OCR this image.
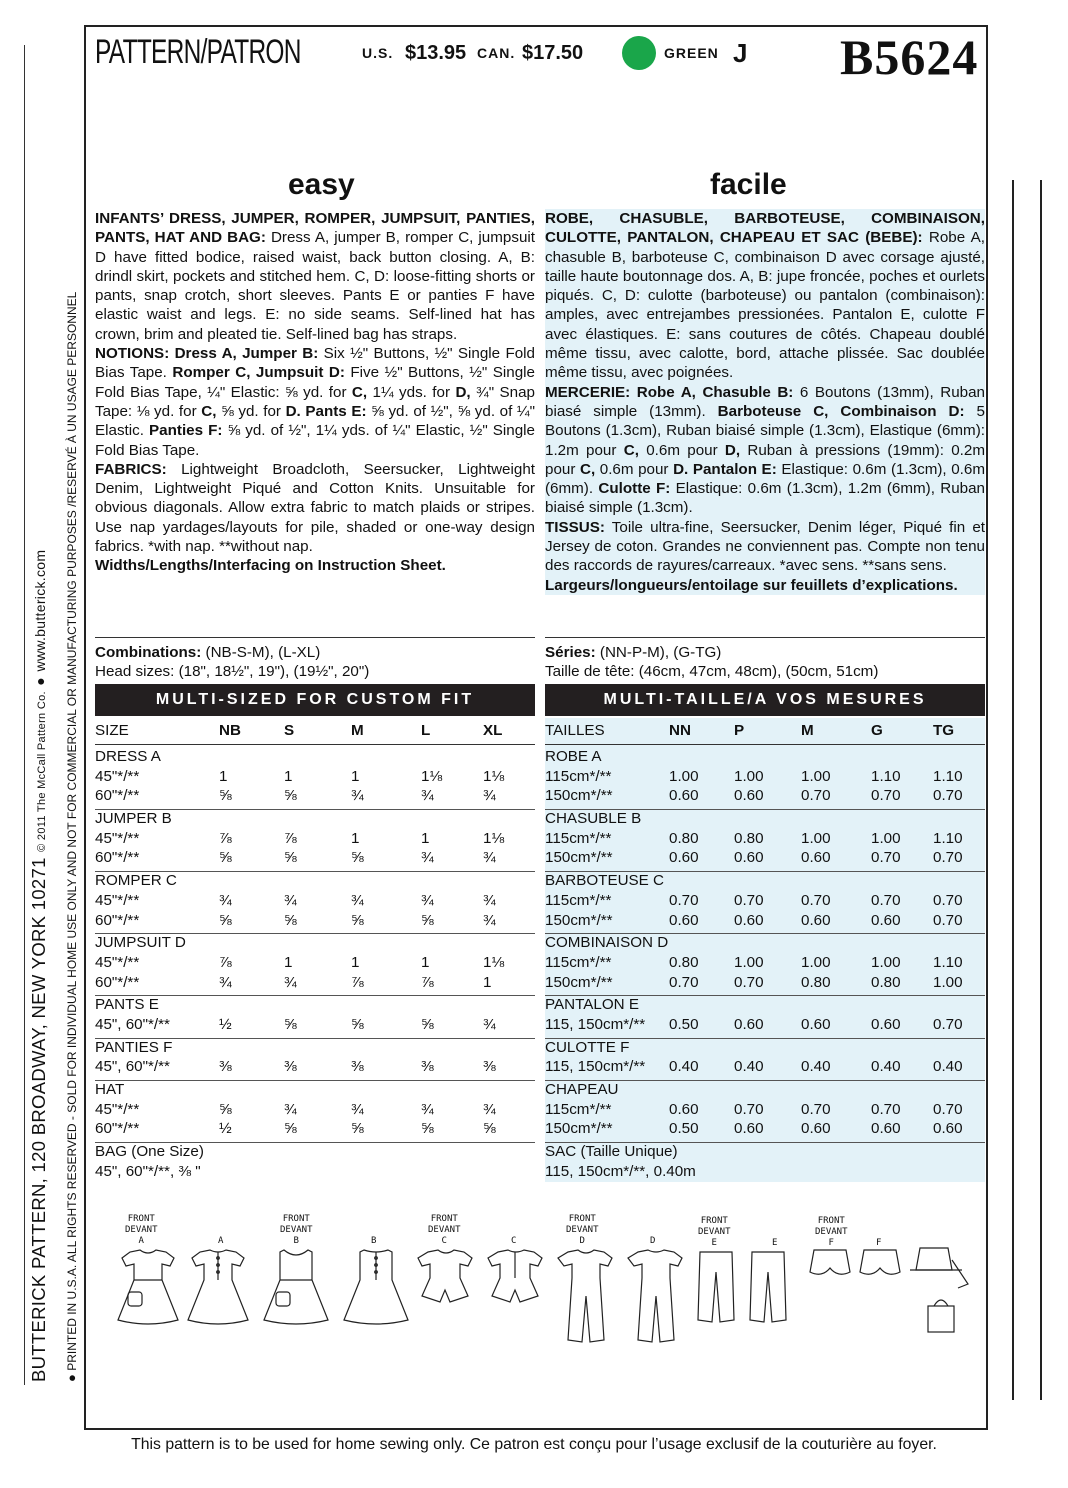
PATTERN/PATRON	U.S. $13.95 CAN. $17.50	GREEN J B5624
easy	facile

INFANTS’ DRESS, JUMPER, ROMPER, JUMPSUIT, PANTIES, PANTS, HAT AND BAG: Dress A, jumper B, romper C, jumpsuit D have fitted bodice, raised waist, back button closing. A, B: drindl skirt, pockets and stitched hem. C, D: loose-fitting shorts or pants, snap crotch, short sleeves. Pants E or panties F have elastic waist and legs. E: no side seams. Self-lined hat has crown, brim and pleated tie. Self-lined bag has straps.

NOTIONS: Dress A, Jumper B: Six ½" Buttons, ½" Single Fold Bias Tape. Romper C, Jumpsuit D: Five ½" Buttons, ½" Single Fold Bias Tape, ¼" Elastic: ⅝ yd. for C, 1¼ yds. for D, ¾" Snap Tape: ⅛ yd. for C, ⅝ yd. for D. Pants E: ⅝ yd. of ½", ⅝ yd. of ¼" Elastic. Panties F: ⅝ yd. of ½", 1¼ yds. of ¼" Elastic, ½" Single Fold Bias Tape.

FABRICS: Lightweight Broadcloth, Seersucker, Lightweight Denim, Lightweight Piqué and Cotton Knits. Unsuitable for obvious diagonals. Allow extra fabric to match plaids or stripes. Use nap yardages/layouts for pile, shaded or one-way design fabrics. *with nap. **without nap.

Widths/Lengths/Interfacing on Instruction Sheet.

ROBE, CHASUBLE, BARBOTEUSE, COMBINAISON, CULOTTE, PANTALON, CHAPEAU ET SAC (BEBE): Robe A, chasuble B, barboteuse C, combinaison D avec corsage ajusté, taille haute boutonnage dos. A, B: jupe froncée, poches et ourlets piqués. C, D: culotte (barboteuse) ou pantalon (combinaison): amples, avec entrejambes pressionées. Pantalon E, culotte F avec élastiques. E: sans coutures de côtés. Chapeau doublé même tissu, avec calotte, bord, attache plissée. Sac doublée même tissu, avec poignées.

MERCERIE: Robe A, Chasuble B: 6 Boutons (13mm), Ruban biasé simple (13mm). Barboteuse C, Combinaison D: 5 Boutons (1.3cm), Ruban biaisé simple (1.3cm), Elastique (6mm): 1.2m pour C, 0.6m pour D, Ruban à pressions (19mm): 0.2m pour C, 0.6m pour D. Pantalon E: Elastique: 0.6m (1.3cm), 0.6m (6mm). Culotte F: Elastique: 0.6m (1.3cm), 1.2m (6mm), Ruban biaisé simple (1.3cm).

TISSUS: Toile ultra-fine, Seersucker, Denim léger, Piqué fin et Jersey de coton. Grandes ne conviennent pas. Compte non tenu des raccords de rayures/carreaux. *avec sens. **sans sens.

Largeurs/longueurs/entoilage sur feuillets d’explications.

Combinations: (NB-S-M), (L-XL)
Head sizes: (18", 18½", 19"), (19½", 20")
Séries: (NN-P-M), (G-TG)
Taille de tête: (46cm, 47cm, 48cm), (50cm, 51cm)
MULTI-SIZED FOR CUSTOM FIT	MULTI-TAILLE/A VOS MESURES
SIZE	NB	S	M	L	XL
DRESS A
45"*/**	1	1	1	1⅛	1⅛
60"*/**	⅝	⅝	¾	¾	¾
JUMPER B
45"*/**	⅞	⅞	1	1	1⅛
60"*/**	⅝	⅝	⅝	¾	¾
ROMPER C
45"*/**	¾	¾	¾	¾	¾
60"*/**	⅝	⅝	⅝	⅝	¾
JUMPSUIT D
45"*/**	⅞	1	1	1	1⅛
60"*/**	¾	¾	⅞	⅞	1
PANTS E
45", 60"*/**	½	⅝	⅝	⅝	¾
PANTIES F
45", 60"*/**	⅜	⅜	⅜	⅜	⅜
HAT
45"*/**	⅝	¾	¾	¾	¾
60"*/**	½	⅝	⅝	⅝	⅝
BAG (One Size)
45", 60"*/**, ⅜ "
TAILLES	NN	P	M	G	TG
ROBE A
115cm*/**	1.00 1.00 1.00	1.10 1.10
150cm*/**	0.60 0.60 0.70	0.70 0.70
CHASUBLE B
115cm*/**	0.80 0.80 1.00	1.00 1.10
150cm*/**	0.60 0.60 0.60	0.70 0.70
BARBOTEUSE C
115cm*/**	0.70 0.70 0.70	0.70 0.70
150cm*/**	0.60 0.60 0.60	0.60 0.70
COMBINAISON D
115cm*/**	0.80 1.00 1.00	1.00 1.10
150cm*/**	0.70 0.70 0.80	0.80 1.00
PANTALON E
115, 150cm*/** 0.50 0.60 0.60	0.60 0.70
CULOTTE F
115, 150cm*/** 0.40 0.40 0.40	0.40 0.40
CHAPEAU
115cm*/**	0.60 0.70 0.70	0.70 0.70
150cm*/**	0.50 0.60 0.60	0.60 0.60
SAC (Taille Unique)
115, 150cm*/**, 0.40m
FRONT
DEVANT
A	A
FRONT
DEVANT
B	B
FRONT
DEVANT
C	C
FRONT
DEVANT
D	D
FRONT
DEVANT
E	E
FRONT
DEVANT
F	F
BUTTERICK PATTERN, 120 BROADWAY, NEW YORK 10271 © 2011 The McCall Pattern Co. ● www.butterick.com
● PRINTED IN U.S.A. ALL RIGHTS RESERVED - SOLD FOR INDIVIDUAL HOME USE ONLY AND NOT FOR COMMERCIAL OR MANUFACTURING PURPOSES /RESERVÉ À UN USAGE PERSONNEL
This pattern is to be used for home sewing only. Ce patron est conçu pour l’usage exclusif de la couturière au foyer.
